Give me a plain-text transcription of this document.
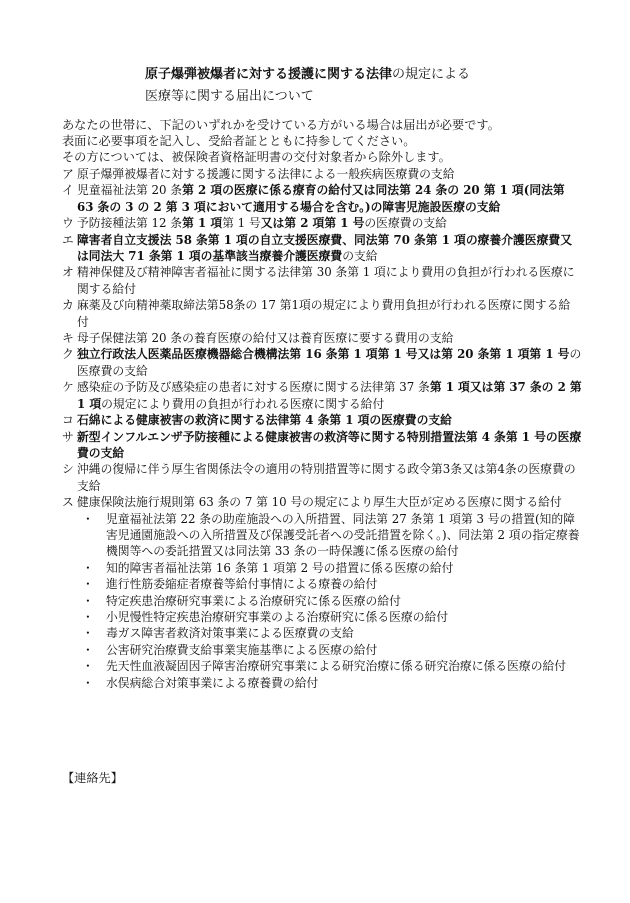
原子爆弾被爆者に対する援護に関する法律の規定による
医療等に関する届出について
あなたの世帯に、下記のいずれかを受けている方がいる場合は届出が必要です。
表面に必要事項を記入し、受給者証とともに持参してください。
その方については、被保険者資格証明書の交付対象者から除外します。
ア 原子爆弾被爆者に対する援護に関する法律による一般疾病医療費の支給
イ 児童福祉法第 20 条第 2 項の医療に係る療育の給付又は同法第 24 条の 20 第 1 項(同法第 63 条の 3 の 2 第 3 項において適用する場合を含む。)の障害児施設医療の支給
ウ 予防接種法第 12 条第 1 項第 1 号又は第 2 項第 1 号の医療費の支給
エ 障害者自立支援法 58 条第 1 項の自立支援医療費、同法第 70 条第 1 項の療養介護医療費又は同法大 71 条第 1 項の基準該当療養介護医療費の支給
オ 精神保健及び精神障害者福祉に関する法律第 30 条第 1 項により費用の負担が行われる医療に関する給付
カ 麻薬及び向精神薬取締法第58条の 17 第1項の規定により費用負担が行われる医療に関する給付
キ 母子保健法第 20 条の養育医療の給付又は養育医療に要する費用の支給
ク 独立行政法人医薬品医療機器総合機構法第 16 条第 1 項第 1 号又は第 20 条第 1 項第 1 号の医療費の支給
ケ 感染症の予防及び感染症の患者に対する医療に関する法律第 37 条第 1 項又は第 37 条の 2 第 1 項の規定により費用の負担が行われる医療に関する給付
コ 石綿による健康被害の救済に関する法律第 4 条第 1 項の医療費の支給
サ 新型インフルエンザ予防接種による健康被害の救済等に関する特別措置法第 4 条第 1 号の医療費の支給
シ 沖縄の復帰に伴う厚生省関係法令の適用の特別措置等に関する政令第3条又は第4条の医療費の支給
ス 健康保険法施行規則第 63 条の 7 第 10 号の規定により厚生大臣が定める医療に関する給付
・ 児童福祉法第 22 条の助産施設への入所措置、同法第 27 条第 1 項第 3 号の措置(知的障害児通園施設への入所措置及び保護受託者への受託措置を除く。)、同法第 2 項の指定療養機関等への委託措置又は同法第 33 条の一時保護に係る医療の給付
・ 知的障害者福祉法第 16 条第 1 項第 2 号の措置に係る医療の給付
・ 進行性筋委縮症者療養等給付事情による療養の給付
・ 特定疾患治療研究事業による治療研究に係る医療の給付
・ 小児慢性特定疾患治療研究事業のよる治療研究に係る医療の給付
・ 毒ガス障害者救済対策事業による医療費の支給
・ 公害研究治療費支給事業実施基準による医療の給付
・ 先天性血液凝固因子障害治療研究事業による研究治療に係る研究治療に係る医療の給付
・ 水俣病総合対策事業による療養費の給付
【連絡先】
